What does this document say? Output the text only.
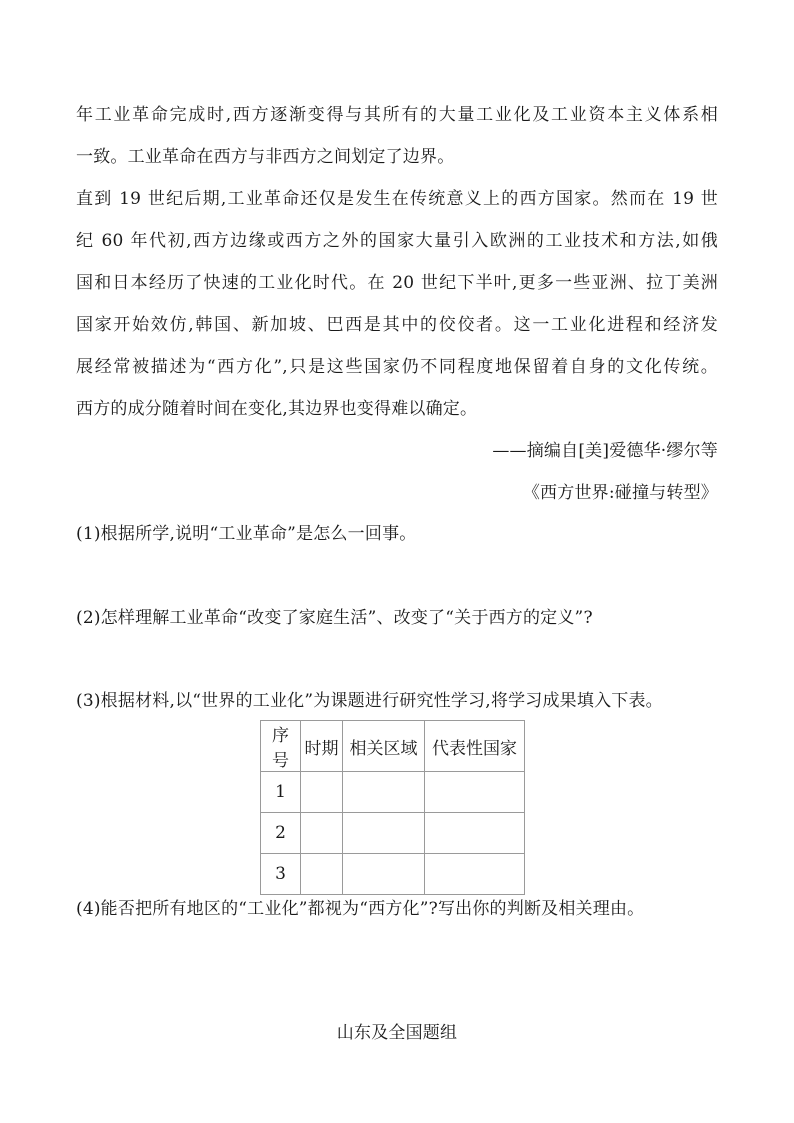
年工业革命完成时,西方逐渐变得与其所有的大量工业化及工业资本主义体系相
一致。工业革命在西方与非西方之间划定了边界。
直到 19 世纪后期,工业革命还仅是发生在传统意义上的西方国家。然而在 19 世
纪 60 年代初,西方边缘或西方之外的国家大量引入欧洲的工业技术和方法,如俄
国和日本经历了快速的工业化时代。在 20 世纪下半叶,更多一些亚洲、拉丁美洲
国家开始效仿,韩国、新加坡、巴西是其中的佼佼者。这一工业化进程和经济发
展经常被描述为“西方化”,只是这些国家仍不同程度地保留着自身的文化传统。
西方的成分随着时间在变化,其边界也变得难以确定。
——摘编自[美]爱德华·缪尔等
《西方世界:碰撞与转型》
(1)根据所学,说明“工业革命”是怎么一回事。
(2)怎样理解工业革命“改变了家庭生活”、改变了“关于西方的定义”?
(3)根据材料,以“世界的工业化”为课题进行研究性学习,将学习成果填入下表。
序号	时期	相关区域	代表性国家
1			
2			
3			
(4)能否把所有地区的“工业化”都视为“西方化”?写出你的判断及相关理由。
山东及全国题组
